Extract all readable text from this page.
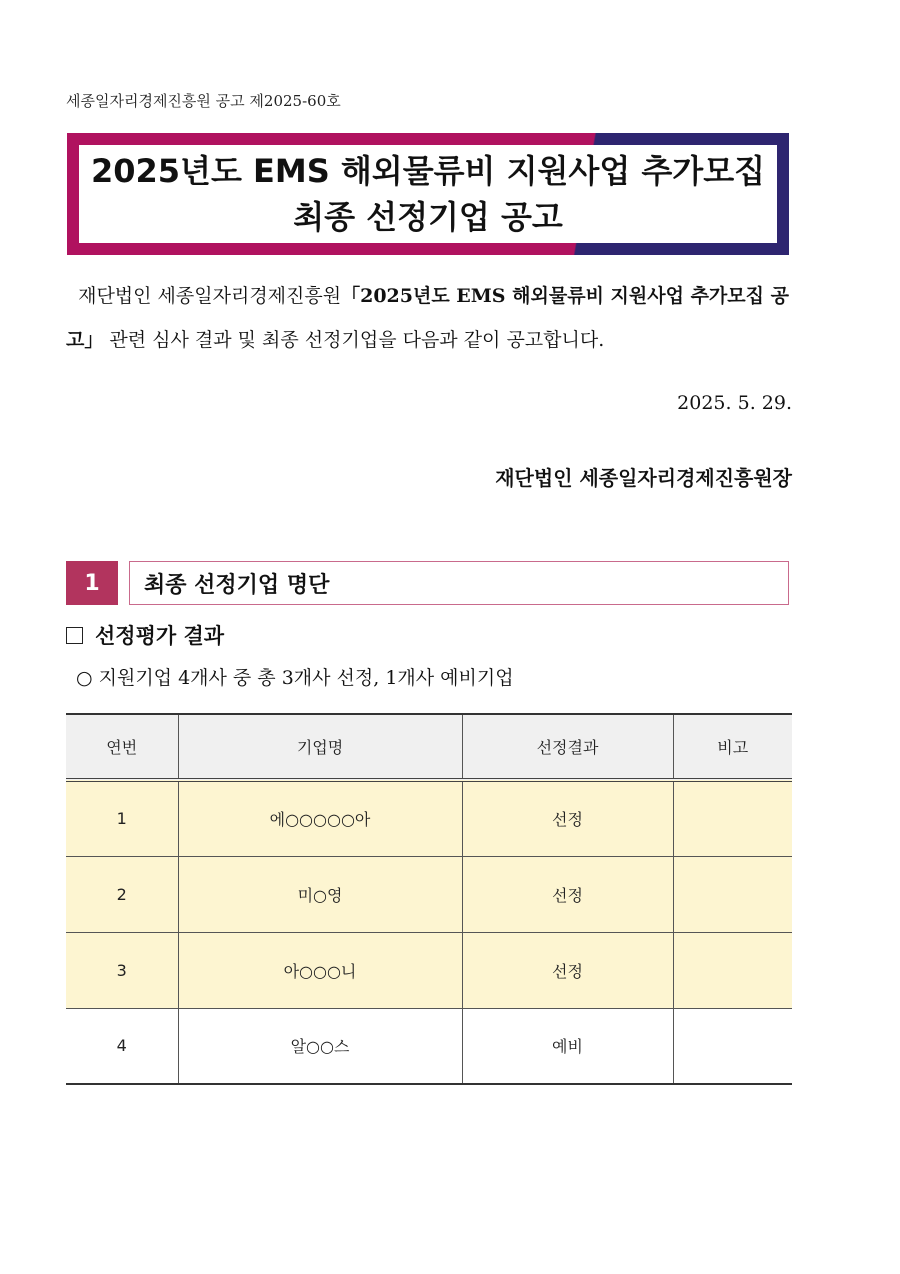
세종일자리경제진흥원 공고 제2025-60호
2025년도 EMS 해외물류비 지원사업 추가모집
최종 선정기업 공고
재단법인 세종일자리경제진흥원「2025년도 EMS 해외물류비 지원사업 추가모집 공고」 관련 심사 결과 및 최종 선정기업을 다음과 같이 공고합니다.
2025. 5. 29.
재단법인 세종일자리경제진흥원장
1	최종 선정기업 명단
선정평가 결과
○ 지원기업 4개사 중 총 3개사 선정, 1개사 예비기업
연번	기업명	선정결과	비고
1	에○○○○○아	선정	
2	미○영	선정	
3	아○○○니	선정	
4	알○○스	예비	
